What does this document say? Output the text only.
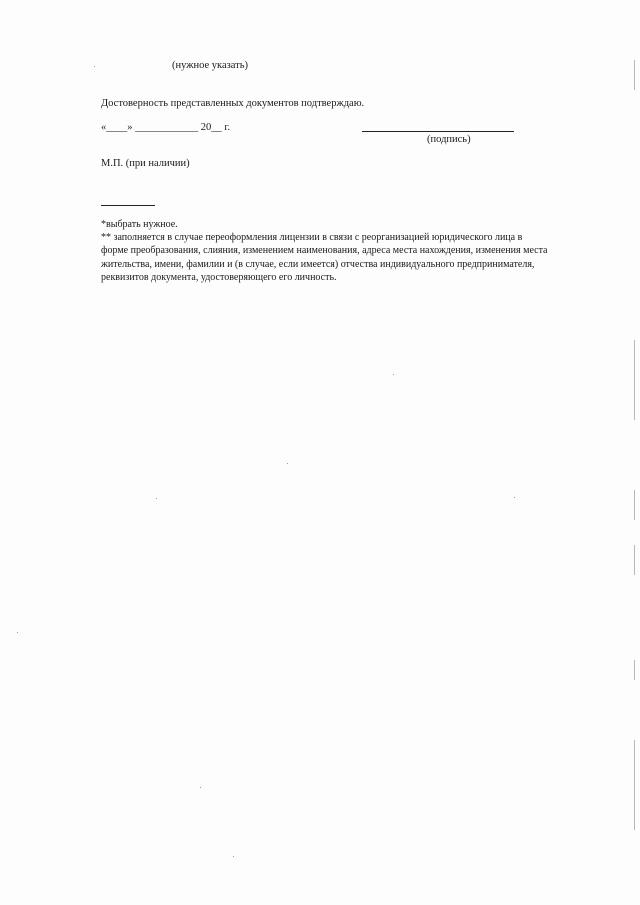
(нужное указать)
Достоверность представленных документов подтверждаю.
«____» ____________ 20__ г.
(подпись)
М.П. (при наличии)
*выбрать нужное.
** заполняется в случае переоформления лицензии в связи с реорганизацией юридического лица в
форме преобразования, слияния, изменением наименования, адреса места нахождения, изменения места
жительства, имени, фамилии и (в случае, если имеется) отчества индивидуального предпринимателя,
реквизитов документа, удостоверяющего его личность.
